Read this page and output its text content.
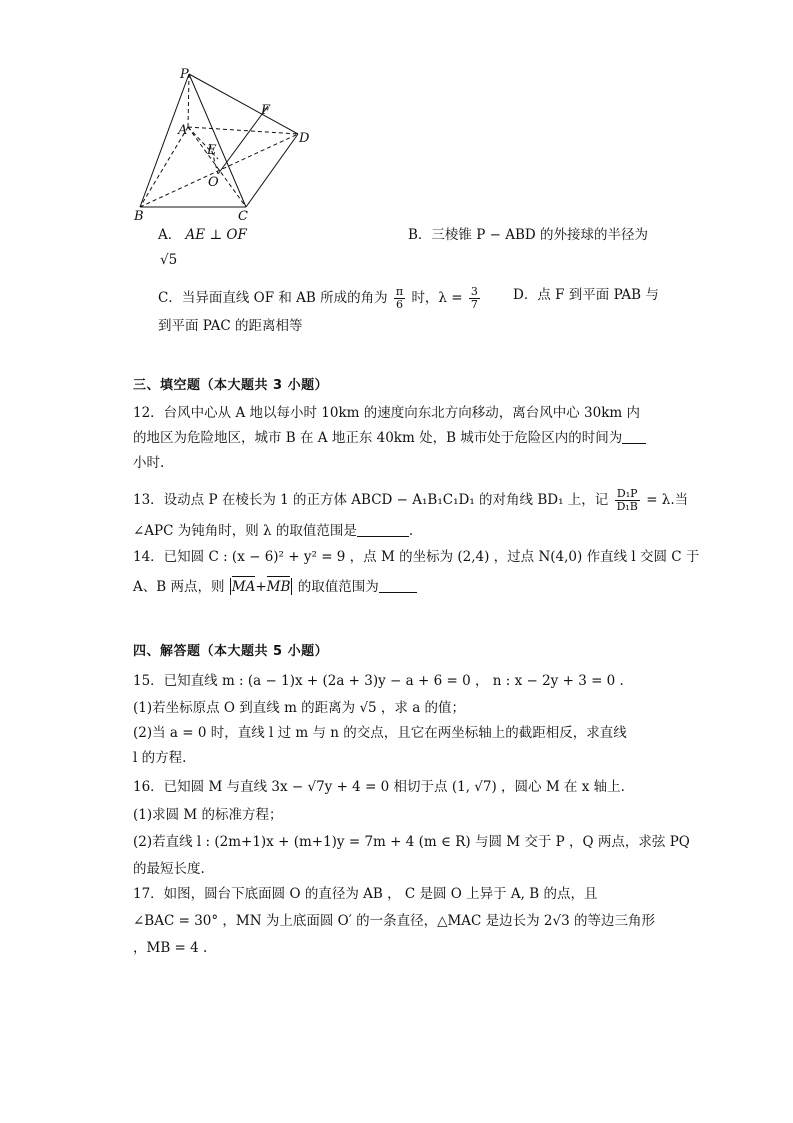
P
A
E
O
F
D
B	C
A． AE ⊥ OF	B．三棱锥 P − ABD 的外接球的半径为
√5
C．当异面直线 OF 和 AB 所成的角为 $\frac{\pi}{6}$ 时，$\lambda = \frac{3}{7}$ D．点 F 到平面 PAB 与
到平面 PAC 的距离相等
三、填空题（本大题共 3 小题）
12．台风中心从 A 地以每小时 10km 的速度向东北方向移动，离台风中心 30km 内
的地区为危险地区，城市 B 在 A 地正东 40km 处，B 城市处于危险区内的时间为
小时.
13．设动点 P 在棱长为 1 的正方体 ABCD − A₁B₁C₁D₁ 的对角线 BD₁ 上，记 $\frac{\text{D₁P}}{\text{D₁B}} = \lambda$.当
∠APC 为钝角时，则 λ 的取值范围是	.
14．已知圆 C : (x − 6)² + y² = 9 ，点 M 的坐标为 (2,4) ，过点 N(4,0) 作直线 l 交圆 C 于
A、B 两点，则 MA+MB 的取值范围为
四、解答题（本大题共 5 小题）
15．已知直线 m : (a − 1)x + (2a + 3)y − a + 6 = 0 ， n : x − 2y + 3 = 0 .
(1)若坐标原点 O 到直线 m 的距离为 √5 ，求 a 的值；
(2)当 a = 0 时，直线 l 过 m 与 n 的交点，且它在两坐标轴上的截距相反，求直线
l 的方程.
16．已知圆 M 与直线 3x − √7y + 4 = 0 相切于点 (1, √7) ，圆心 M 在 x 轴上.
(1)求圆 M 的标准方程；
(2)若直线 l : (2m+1)x + (m+1)y = 7m + 4 (m ∈ R) 与圆 M 交于 P ，Q 两点，求弦 PQ
的最短长度.
17．如图，圆台下底面圆 O 的直径为 AB ， C 是圆 O 上异于 A, B 的点，且
∠BAC = 30° ，MN 为上底面圆 O′ 的一条直径，△MAC 是边长为 2√3 的等边三角形
，MB = 4 .
